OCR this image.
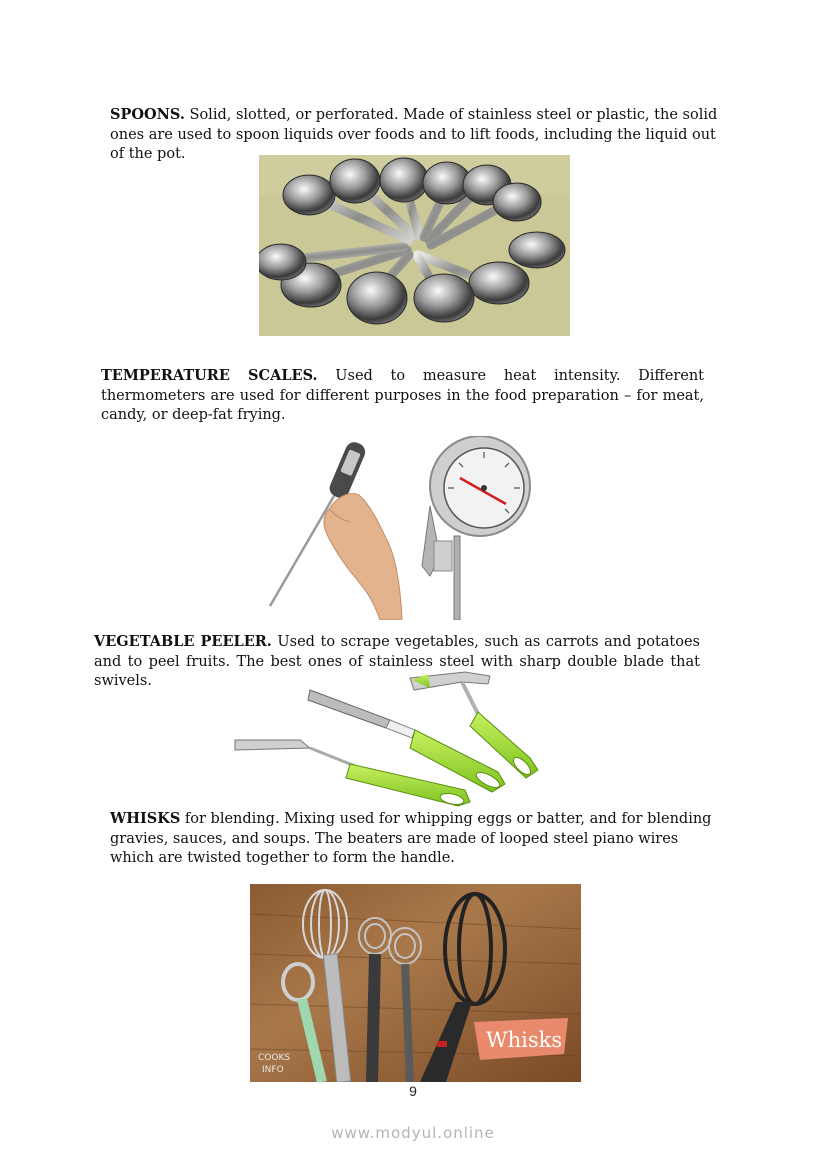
SPOONS. Solid, slotted, or perforated. Made of stainless steel or plastic, the solid ones are used to spoon liquids over foods and to lift foods, including the liquid out of the pot.

TEMPERATURE SCALES. Used to measure heat intensity. Different thermometers are used for different purposes in the food preparation – for meat, candy, or deep-fat frying.

VEGETABLE PEELER. Used to scrape vegetables, such as carrots and potatoes and to peel fruits. The best ones of stainless steel with sharp double blade that swivels.

WHISKS for blending. Mixing used for whipping eggs or batter, and for blending gravies, sauces, and soups. The beaters are made of looped steel piano wires which are twisted together to form the handle.

Whisks
COOKS
INFO
9
www.modyul.online
